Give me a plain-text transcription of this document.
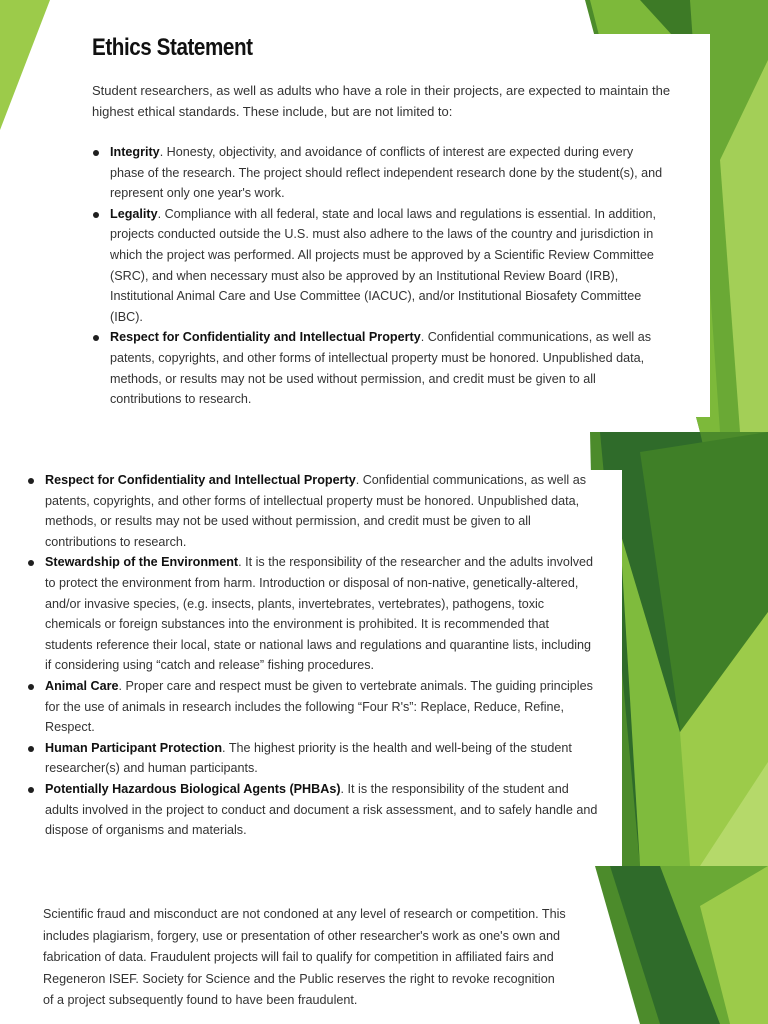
Ethics Statement

Student researchers, as well as adults who have a role in their projects, are expected to maintain the highest ethical standards. These include, but are not limited to:

Integrity. Honesty, objectivity, and avoidance of conflicts of interest are expected during every phase of the research. The project should reflect independent research done by the student(s), and represent only one year's work.
Legality. Compliance with all federal, state and local laws and regulations is essential. In addition, projects conducted outside the U.S. must also adhere to the laws of the country and jurisdiction in which the project was performed. All projects must be approved by a Scientific Review Committee (SRC), and when necessary must also be approved by an Institutional Review Board (IRB), Institutional Animal Care and Use Committee (IACUC), and/or Institutional Biosafety Committee (IBC).
Respect for Confidentiality and Intellectual Property. Confidential communications, as well as patents, copyrights, and other forms of intellectual property must be honored. Unpublished data, methods, or results may not be used without permission, and credit must be given to all contributions to research.
Respect for Confidentiality and Intellectual Property. Confidential communications, as well as patents, copyrights, and other forms of intellectual property must be honored. Unpublished data, methods, or results may not be used without permission, and credit must be given to all contributions to research.
Stewardship of the Environment. It is the responsibility of the researcher and the adults involved to protect the environment from harm. Introduction or disposal of non-native, genetically-altered, and/or invasive species, (e.g. insects, plants, invertebrates, vertebrates), pathogens, toxic chemicals or foreign substances into the environment is prohibited. It is recommended that students reference their local, state or national laws and regulations and quarantine lists, including if considering using “catch and release” fishing procedures.
Animal Care. Proper care and respect must be given to vertebrate animals. The guiding principles for the use of animals in research includes the following “Four R's”: Replace, Reduce, Refine, Respect.
Human Participant Protection. The highest priority is the health and well-being of the student researcher(s) and human participants.
Potentially Hazardous Biological Agents (PHBAs). It is the responsibility of the student and adults involved in the project to conduct and document a risk assessment, and to safely handle and dispose of organisms and materials.

Scientific fraud and misconduct are not condoned at any level of research or competition. This includes plagiarism, forgery, use or presentation of other researcher's work as one's own and fabrication of data. Fraudulent projects will fail to qualify for competition in affiliated fairs and Regeneron ISEF. Society for Science and the Public reserves the right to revoke recognition of a project subsequently found to have been fraudulent.
